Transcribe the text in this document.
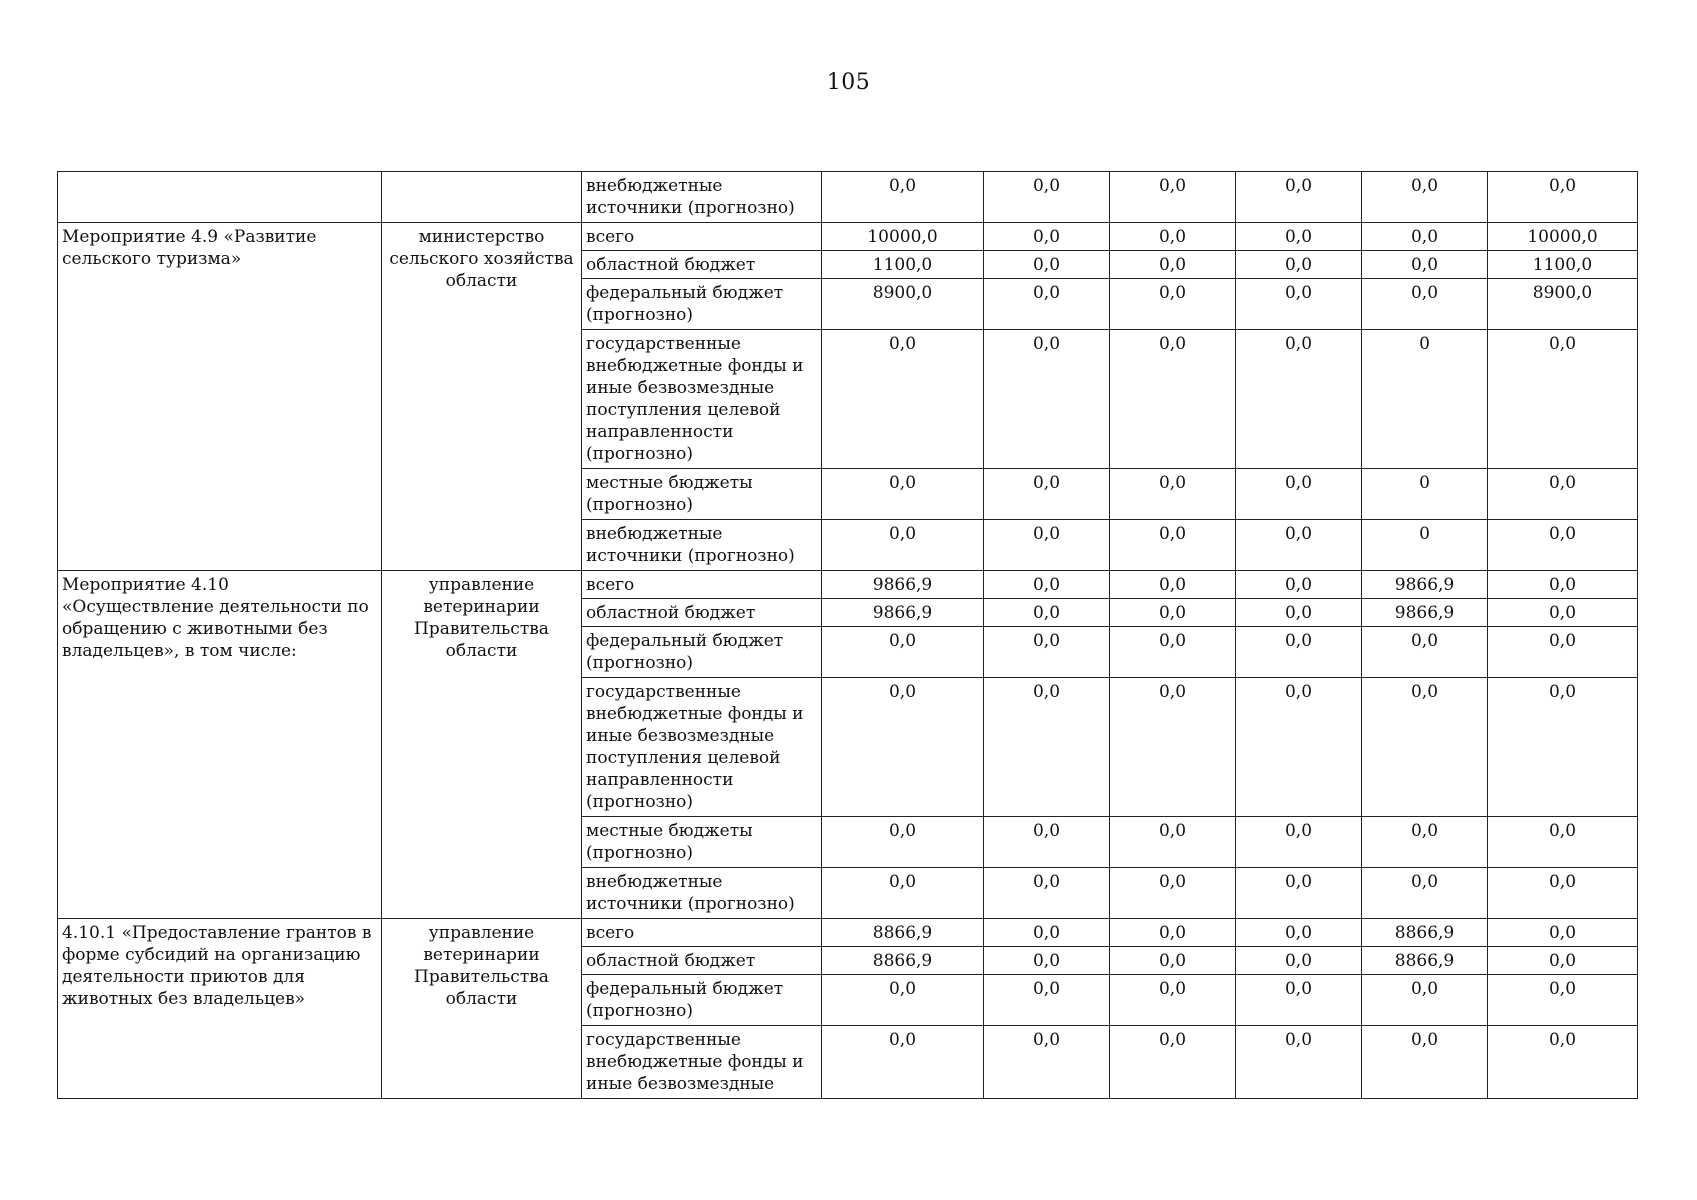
105
		внебюджетные источники (прогнозно)	0,0	0,0	0,0	0,0	0,0	0,0
Мероприятие 4.9 «Развитие сельского туризма»	министерство сельского хозяйства области	всего	10000,0	0,0	0,0	0,0	0,0	10000,0
		областной бюджет	1100,0	0,0	0,0	0,0	0,0	1100,0
		федеральный бюджет (прогнозно)	8900,0	0,0	0,0	0,0	0,0	8900,0
		государственные внебюджетные фонды и иные безвозмездные поступления целевой направленности (прогнозно)	0,0	0,0	0,0	0,0	0	0,0
		местные бюджеты (прогнозно)	0,0	0,0	0,0	0,0	0	0,0
		внебюджетные источники (прогнозно)	0,0	0,0	0,0	0,0	0	0,0
Мероприятие 4.10 «Осуществление деятельности по обращению с животными без владельцев», в том числе:	управление ветеринарии Правительства области	всего	9866,9	0,0	0,0	0,0	9866,9	0,0
		областной бюджет	9866,9	0,0	0,0	0,0	9866,9	0,0
		федеральный бюджет (прогнозно)	0,0	0,0	0,0	0,0	0,0	0,0
		государственные внебюджетные фонды и иные безвозмездные поступления целевой направленности (прогнозно)	0,0	0,0	0,0	0,0	0,0	0,0
		местные бюджеты (прогнозно)	0,0	0,0	0,0	0,0	0,0	0,0
		внебюджетные источники (прогнозно)	0,0	0,0	0,0	0,0	0,0	0,0
4.10.1 «Предоставление грантов в форме субсидий на организацию деятельности приютов для животных без владельцев»	управление ветеринарии Правительства области	всего	8866,9	0,0	0,0	0,0	8866,9	0,0
		областной бюджет	8866,9	0,0	0,0	0,0	8866,9	0,0
		федеральный бюджет (прогнозно)	0,0	0,0	0,0	0,0	0,0	0,0
		государственные внебюджетные фонды и иные безвозмездные	0,0	0,0	0,0	0,0	0,0	0,0
